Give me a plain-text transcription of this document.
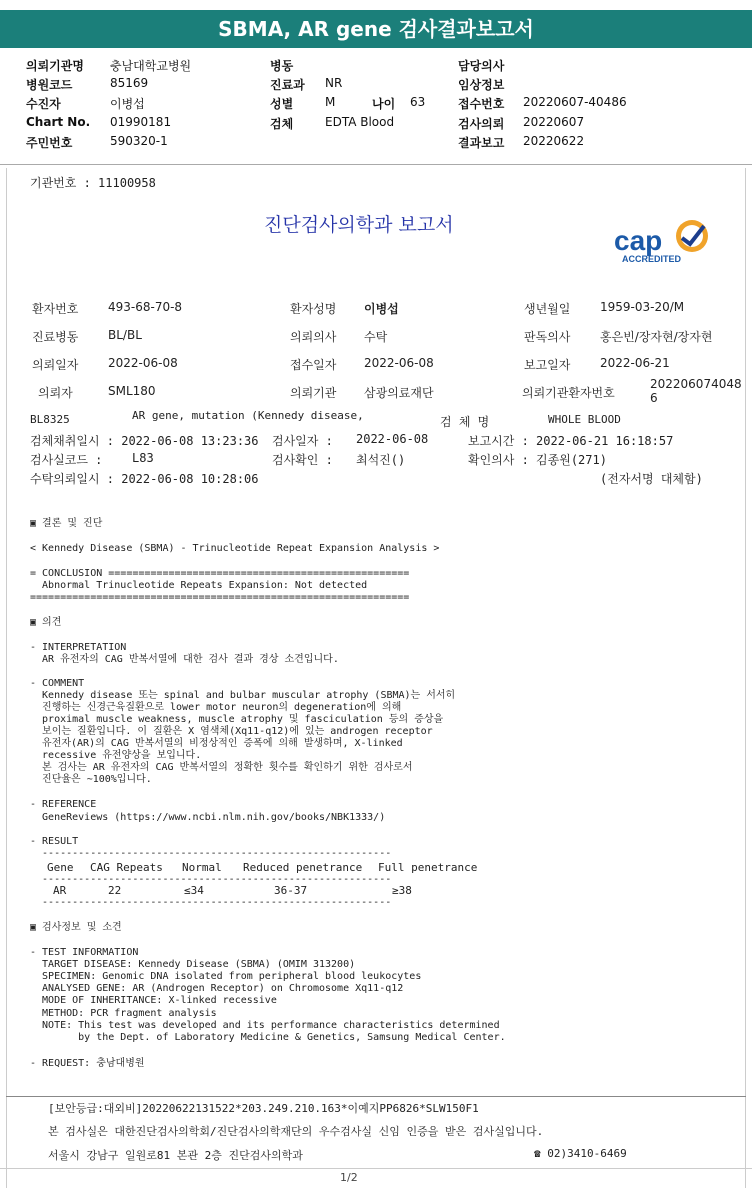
SBMA, AR gene 검사결과보고서
의뢰기관명 충남대학교병원
병원코드	85169
수진자	이병섭
Chart No. 01990181
주민번호	590320-1
병동
진료과 NR
성별	M	나이 63
검체	EDTA Blood
담당의사
임상정보
접수번호 20220607-40486
검사의뢰 20220607
결과보고 20220622
기관번호 : 11100958
진단검사의학과 보고서	cap
ACCREDITED
환자번호 493-68-70-8	환자성명 이병섭	생년월일 1959-03-20/M
진료병동 BL/BL	의뢰의사 수탁	판독의사 홍은빈/장자현/장자현
의뢰일자 2022-06-08	접수일자 2022-06-08	보고일자 2022-06-21
의뢰자	SML180	의뢰기관 삼광의료재단	의뢰기관환자번호
202206074048
6
BL8325	AR gene, mutation (Kennedy disease,	검 체 명	WHOLE BLOOD
검체채취일시 : 2022-06-08 13:23:36 검사일자 : 2022-06-08	보고시간 : 2022-06-21 16:18:57
검사실코드 : L83	검사확인 : 최석진()	확인의사 : 김종원(271)
수탁의뢰일시 : 2022-06-08 10:28:06	(전자서명 대체함)
▣ 결론 및 진단
< Kennedy Disease (SBMA) - Trinucleotide Repeat Expansion Analysis >
= CONCLUSION ==================================================
Abnormal Trinucleotide Repeats Expansion: Not detected
===============================================================
▣ 의견
- INTERPRETATION
AR 유전자의 CAG 반복서열에 대한 검사 결과 경상 소견입니다.
- COMMENT
Kennedy disease 또는 spinal and bulbar muscular atrophy (SBMA)는 서서히
진행하는 신경근육질환으로 lower motor neuron의 degeneration에 의해
proximal muscle weakness, muscle atrophy 및 fasciculation 등의 증상을
보이는 질환입니다. 이 질환은 X 염색체(Xq11-q12)에 있는 androgen receptor
유전자(AR)의 CAG 반복서열의 비정상적인 증폭에 의해 발생하며, X-linked
recessive 유전양상을 보입니다.
본 검사는 AR 유전자의 CAG 반복서열의 정확한 횟수를 확인하기 위한 검사로서
진단율은 ~100%입니다.
- REFERENCE
GeneReviews (https://www.ncbi.nlm.nih.gov/books/NBK1333/)
- RESULT
----------------------------------------------------------
Gene CAG Repeats Normal Reduced penetrance Full penetrance
----------------------------------------------------------
AR	22	≤34	36-37	≥38
----------------------------------------------------------
▣ 검사정보 및 소견
- TEST INFORMATION
TARGET DISEASE: Kennedy Disease (SBMA) (OMIM 313200)
SPECIMEN: Genomic DNA isolated from peripheral blood leukocytes
ANALYSED GENE: AR (Androgen Receptor) on Chromosome Xq11-q12
MODE OF INHERITANCE: X-linked recessive
METHOD: PCR fragment analysis
NOTE: This test was developed and its performance characteristics determined
by the Dept. of Laboratory Medicine & Genetics, Samsung Medical Center.
- REQUEST: 충남대병원
[보안등급:대외비]20220622131522*203.249.210.163*이예지PP6826*SLW150F1
본 검사실은 대한진단검사의학회/진단검사의학재단의 우수검사실 신임 인증을 받은 검사실입니다.
서울시 강남구 일원로81 본관 2층 진단검사의학과	☎ 02)3410-6469
1/2
